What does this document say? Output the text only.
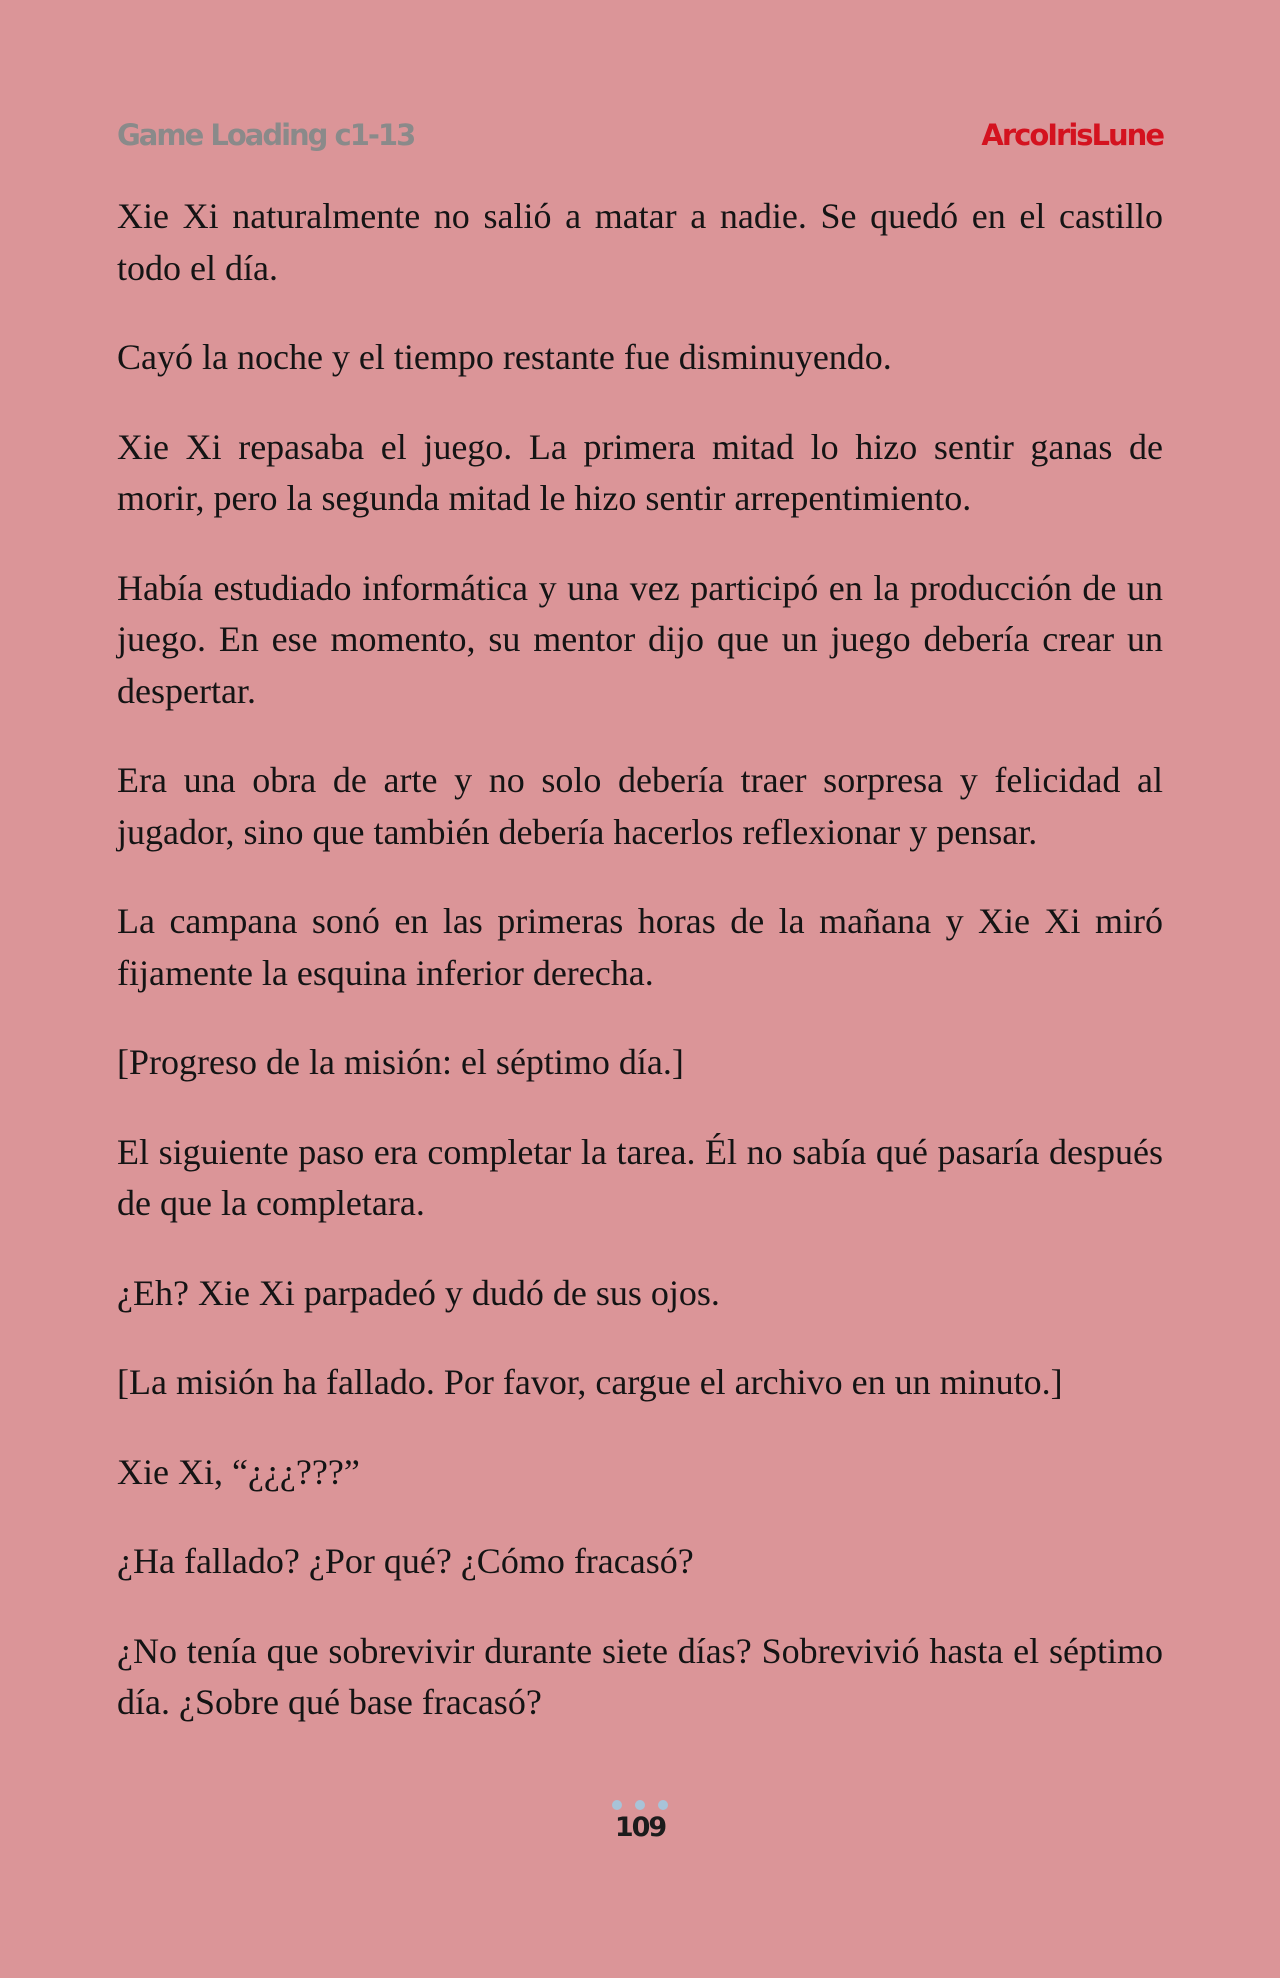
Game Loading c1-13	ArcoIrisLune

Xie Xi naturalmente no salió a matar a nadie. Se quedó en el castillo todo el día.

Cayó la noche y el tiempo restante fue disminuyendo.

Xie Xi repasaba el juego. La primera mitad lo hizo sentir ganas de morir, pero la segunda mitad le hizo sentir arrepentimiento.

Había estudiado informática y una vez participó en la producción de un juego. En ese momento, su mentor dijo que un juego debería crear un despertar.

Era una obra de arte y no solo debería traer sorpresa y felicidad al jugador, sino que también debería hacerlos reflexionar y pensar.

La campana sonó en las primeras horas de la mañana y Xie Xi miró fijamente la esquina inferior derecha.

[Progreso de la misión: el séptimo día.]

El siguiente paso era completar la tarea. Él no sabía qué pasaría después de que la completara.

¿Eh? Xie Xi parpadeó y dudó de sus ojos.

[La misión ha fallado. Por favor, cargue el archivo en un minuto.]

Xie Xi, “¿¿¿???”

¿Ha fallado? ¿Por qué? ¿Cómo fracasó?

¿No tenía que sobrevivir durante siete días? Sobrevivió hasta el séptimo día. ¿Sobre qué base fracasó?

109
